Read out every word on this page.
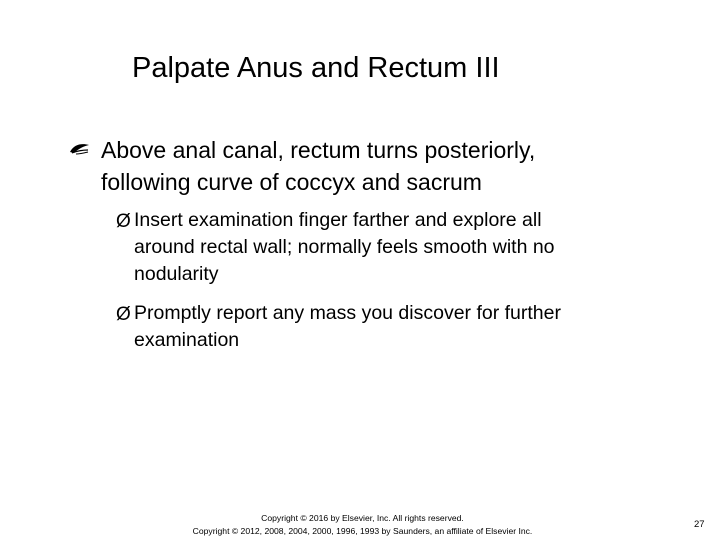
Palpate Anus and Rectum III
Above anal canal, rectum turns posteriorly,
following curve of coccyx and sacrum
Ø Insert examination finger farther and explore all
around rectal wall; normally feels smooth with no
nodularity
Ø Promptly report any mass you discover for further
examination
Copyright © 2016 by Elsevier, Inc. All rights reserved.
Copyright © 2012, 2008, 2004, 2000, 1996, 1993 by Saunders, an affiliate of Elsevier Inc.
27
